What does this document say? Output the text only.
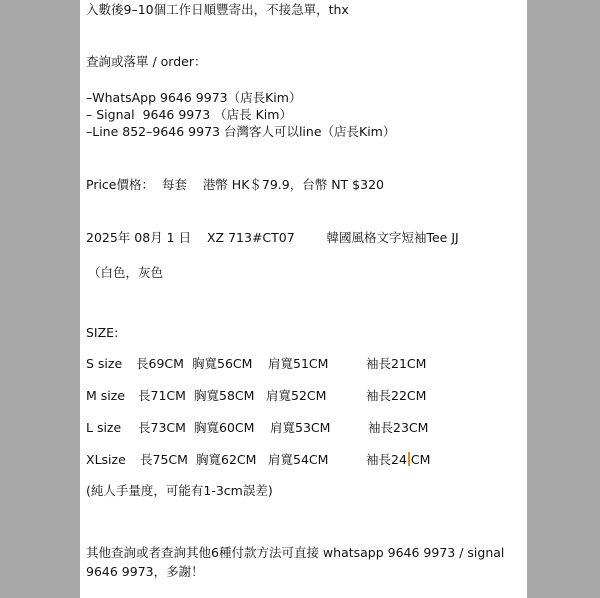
入數後9–10個工作日順豐寄出，不接急單，thx

查詢或落單 / order：

–WhatsApp 9646 9973（店長Kim）

– Signal  9646 9973 （店長 Kim）

–Line 852–9646 9973 台灣客人可以line（店長Kim）

Price價格：  每套    港幣 HK＄79.9，台幣 NT $320

2025年 08月 1 日    XZ 713#CT07        韓國風格文字短袖Tee JJ

（白色，灰色

SIZE:

S size 長69CM 胸寬56CM 肩寬51CM	袖長21CM
M size 長71CM 胸寬58CM 肩寬52CM	袖長22CM
L size 長73CM 胸寬60CM 肩寬53CM	袖長23CM
XLsize 長75CM 胸寬62CM 肩寬54CM	袖長24 CM

(純人手量度，可能有1-3cm誤差)

其他查詢或者查詢其他6種付款方法可直接 whatsapp 9646 9973 / signal 9646 9973，多謝！
